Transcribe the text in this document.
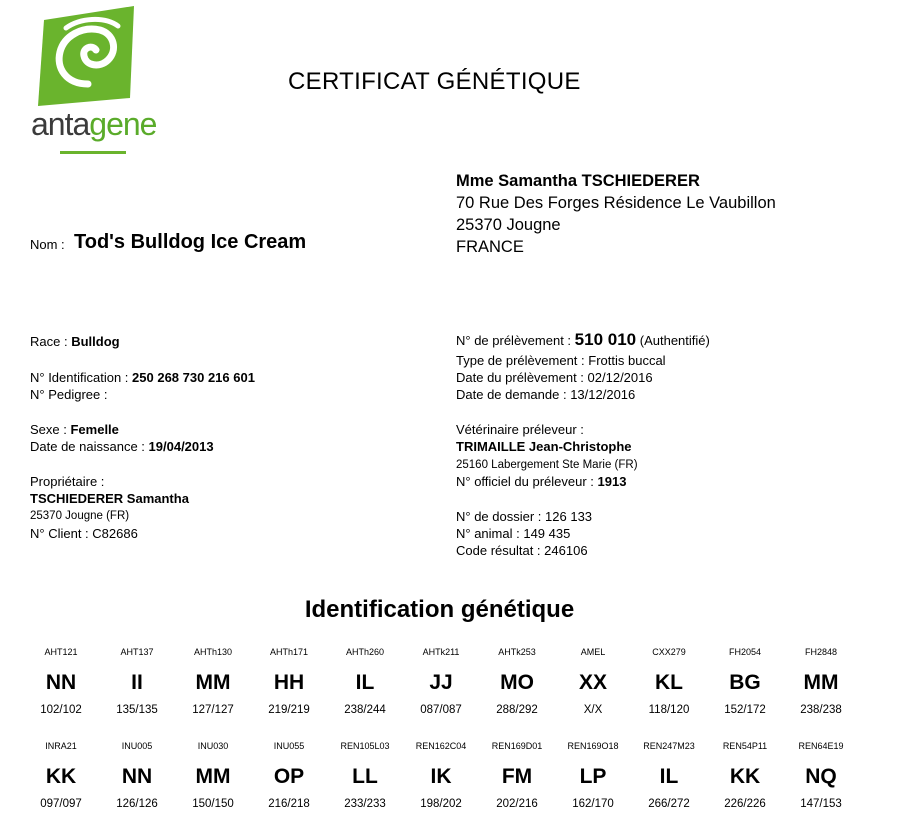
antagene
CERTIFICAT GÉNÉTIQUE
Mme Samantha TSCHIEDERER
70 Rue Des Forges Résidence Le Vaubillon
25370 Jougne
FRANCE
Nom : Tod's Bulldog Ice Cream
Race : Bulldog
N° Identification : 250 268 730 216 601
N° Pedigree :
Sexe : Femelle
Date de naissance : 19/04/2013
Propriétaire :
TSCHIEDERER Samantha
25370 Jougne (FR)
N° Client : C82686
N° de prélèvement : 510 010 (Authentifié)
Type de prélèvement : Frottis buccal
Date du prélèvement : 02/12/2016
Date de demande : 13/12/2016
Vétérinaire préleveur :
TRIMAILLE Jean-Christophe
25160 Labergement Ste Marie (FR)
N° officiel du préleveur : 1913
N° de dossier : 126 133
N° animal : 149 435
Code résultat : 246106
Identification génétique
AHT121
NN
102/102
AHT137
II
135/135
AHTh130
MM
127/127
AHTh171
HH
219/219
AHTh260
IL
238/244
AHTk211
JJ
087/087
AHTk253
MO
288/292
AMEL
XX
X/X
CXX279
KL
118/120
FH2054
BG
152/172
FH2848
MM
238/238
INRA21
KK
097/097
INU005
NN
126/126
INU030
MM
150/150
INU055
OP
216/218
REN105L03
LL
233/233
REN162C04
IK
198/202
REN169D01
FM
202/216
REN169O18
LP
162/170
REN247M23
IL
266/272
REN54P11
KK
226/226
REN64E19
NQ
147/153
